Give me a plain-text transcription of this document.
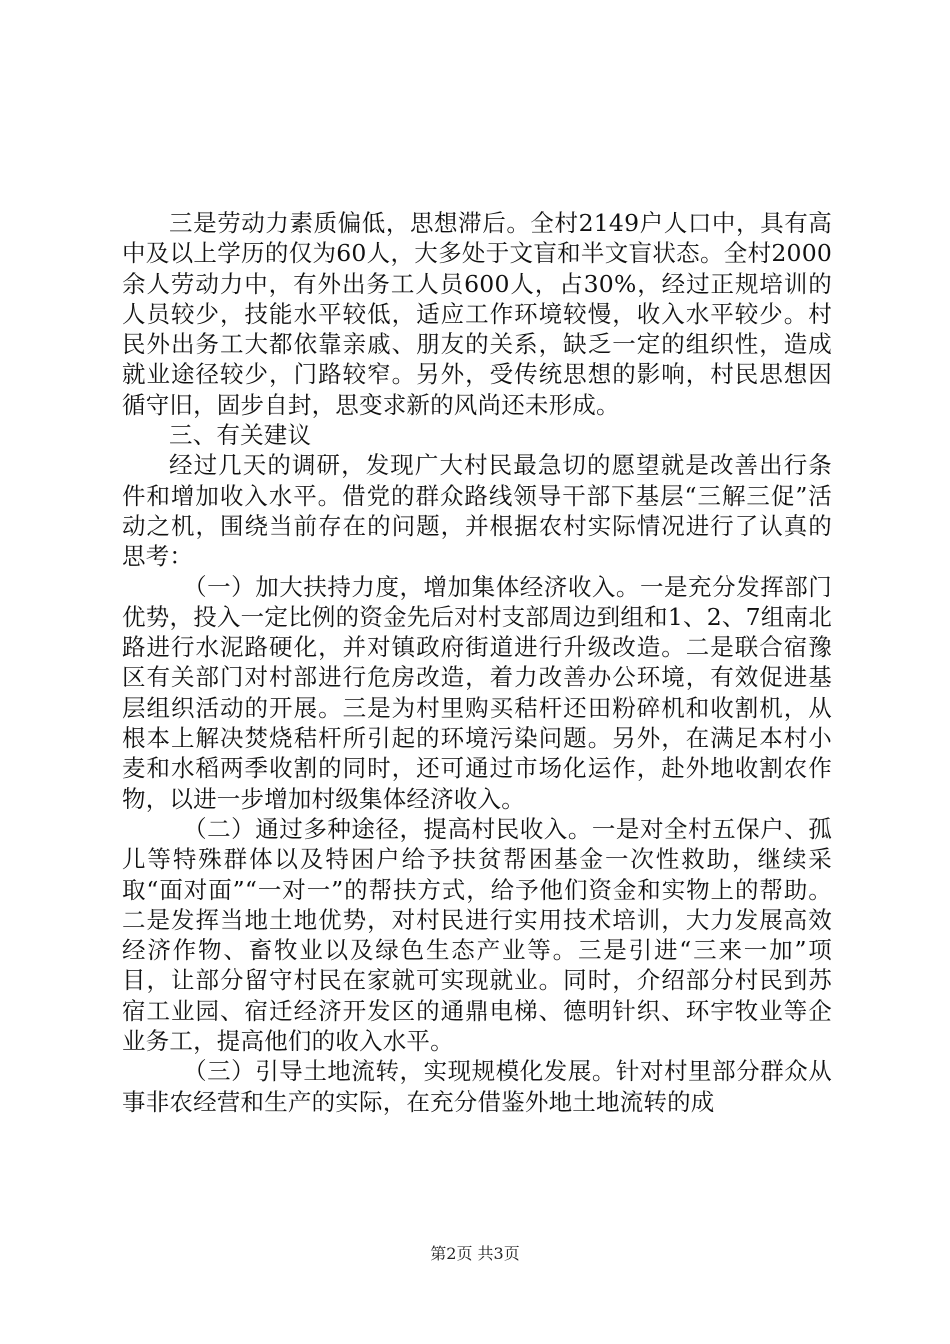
三是劳动力素质偏低，思想滞后。全村2149户人口中，具有高中及以上学历的仅为60人，大多处于文盲和半文盲状态。全村2000余人劳动力中，有外出务工人员600人，占30%，经过正规培训的人员较少，技能水平较低，适应工作环境较慢，收入水平较少。村民外出务工大都依靠亲戚、朋友的关系，缺乏一定的组织性，造成就业途径较少，门路较窄。另外，受传统思想的影响，村民思想因循守旧，固步自封，思变求新的风尚还未形成。

三、有关建议

经过几天的调研，发现广大村民最急切的愿望就是改善出行条件和增加收入水平。借党的群众路线领导干部下基层“三解三促”活动之机，围绕当前存在的问题，并根据农村实际情况进行了认真的思考：

（一）加大扶持力度，增加集体经济收入。一是充分发挥部门优势，投入一定比例的资金先后对村支部周边到组和1、2、7组南北路进行水泥路硬化，并对镇政府街道进行升级改造。二是联合宿豫区有关部门对村部进行危房改造，着力改善办公环境，有效促进基层组织活动的开展。三是为村里购买秸杆还田粉碎机和收割机，从根本上解决焚烧秸杆所引起的环境污染问题。另外，在满足本村小麦和水稻两季收割的同时，还可通过市场化运作，赴外地收割农作物，以进一步增加村级集体经济收入。

（二）通过多种途径，提高村民收入。一是对全村五保户、孤儿等特殊群体以及特困户给予扶贫帮困基金一次性救助，继续采取“面对面”“一对一”的帮扶方式，给予他们资金和实物上的帮助。二是发挥当地土地优势，对村民进行实用技术培训，大力发展高效经济作物、畜牧业以及绿色生态产业等。三是引进“三来一加”项目，让部分留守村民在家就可实现就业。同时，介绍部分村民到苏宿工业园、宿迁经济开发区的通鼎电梯、德明针织、环宇牧业等企业务工，提高他们的收入水平。

（三）引导土地流转，实现规模化发展。针对村里部分群众从事非农经营和生产的实际，在充分借鉴外地土地流转的成

第2页 共3页
